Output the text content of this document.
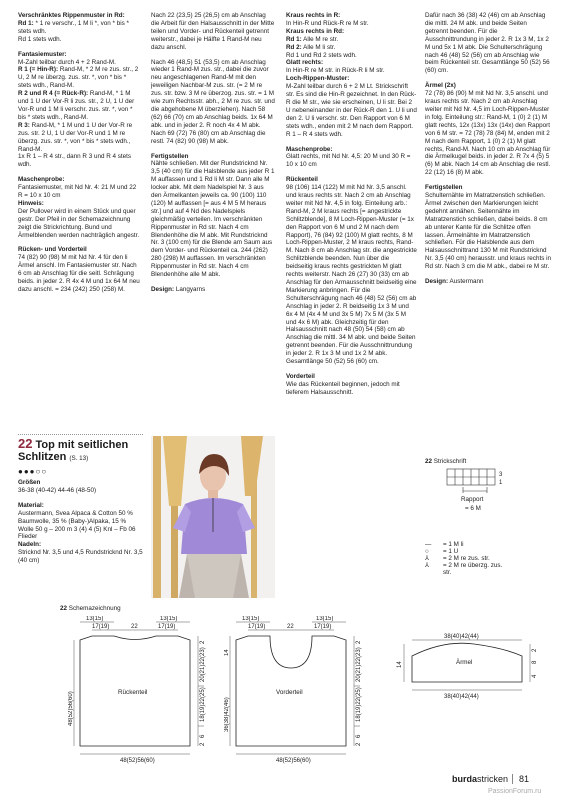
Verschränktes Rippenmuster in Rd:
Rd 1: * 1 re verschr., 1 M li *, von * bis * stets wdh.
Rd 1 stets wdh.
Fantasiemuster:
M-Zahl teilbar durch 4 + 2 Rand-M.
R 1 (= Hin-R): Rand-M, * 2 M re zus. str., 2 U, 2 M re überzg. zus. str. *, von * bis * stets wdh., Rand-M.
R 2 und R 4 (= Rück-R): Rand-M, * 1 M und 1 U der Vor-R li zus. str., 2 U, 1 U der Vor-R und 1 M li verschr. zus. str. *, von * bis * stets wdh., Rand-M.
R 3: Rand-M, * 1 M und 1 U der Vor-R re zus. str. 2 U, 1 U der Vor-R und 1 M re überzg. zus. str. *, von * bis * stets wdh., Rand-M.
1x R 1 – R 4 str., dann R 3 und R 4 stets wdh.
Maschenprobe:
Fantasiemuster, mit Nd Nr. 4: 21 M und 22 R = 10 x 10 cm
Hinweis:
Der Pullover wird in einem Stück und quer gestr. Der Pfeil in der Schemazeichnung zeigt die Strickrichtung. Bund und Ärmelblenden werden nachträglich angestr.
Rücken- und Vorderteil
74 (82) 90 (98) M mit Nd Nr. 4 für den li Ärmel anschl. Im Fantasiemuster str. Nach 6 cm ab Anschlag für die seitl. Schrägung beids. in jeder 2. R 4x 4 M und 1x 64 M neu dazu anschl. = 234 (242) 250 (258) M.
Nach 22 (23,5) 25 (26,5) cm ab Anschlag die Arbeit für den Halsausschnitt in der Mitte teilen und Vorder- und Rückenteil getrennt weiterstr., dabei je Hälfte 1 Rand-M neu dazu anschl.
Nach 46 (48,5) 51 (53,5) cm ab Anschlag wieder 1 Rand-M zus. str., dabei die zuvor neu angeschlagenen Rand-M mit den jeweiligen Nachbar-M zus. str. (= 2 M re zus. str. bzw. 3 M re überzog. zus. str. = 1 M wie zum Rechtsstr. abh., 2 M re zus. str. und die abgehobene M überziehen). Nach 58 (62) 66 (70) cm ab Anschlag beids. 1x 64 M abk. und in jeder 2. R noch 4x 4 M abk.
Nach 69 (72) 76 (80) cm ab Anschlag die restl. 74 (82) 90 (98) M abk.
Fertigstellen
Nähte schließen. Mit der Rundstricknd Nr. 3,5 (40 cm) für die Halsblende aus jeder R 1 M auffassen und 1 Rd li M str. Dann alle M locker abk. Mit dem Nadelspiel Nr. 3 aus den Ärmelkanten jeweils ca. 90 (100) 110 (120) M auffassen [= aus 4 M 5 M heraus str.] und auf 4 Nd des Nadelspiels gleichmäßig verteilen. Im verschränkten Rippenmuster in Rd str. Nach 4 cm Blendenhöhe die M abk. Mit Rundstricknd Nr. 3 (100 cm) für die Blende am Saum aus dem Vorder- und Rückenteil ca. 244 (262) 280 (298) M auffassen. Im verschränkten Rippenmuster in Rd str. Nach 4 cm Blendenhöhe alle M abk.
Design: Langyarns
Kraus rechts in R:
In Hin-R und Rück-R re M str.
Kraus rechts in Rd:
Rd 1: Alle M re str.
Rd 2: Alle M li str.
Rd 1 und Rd 2 stets wdh.
Glatt rechts:
In Hin-R re M str. in Rück-R li M str.
Loch-Rippen-Muster:
M-Zahl teilbar durch 6 + 2 M Lt. Strickschrift str. Es sind die Hin-R gezeichnet. In den Rück-R die M str., wie sie erscheinen, U li str. Bei 2 U nebeneinander in der Rück-R den 1. U li und den 2. U li verschr. str. Den Rapport von 6 M stets wdh., enden mit 2 M nach dem Rapport. R 1 – R 4 stets wdh.
Maschenprobe:
Glatt rechts, mit Nd Nr. 4,5: 20 M und 30 R = 10 x 10 cm
Rückenteil
98 (106) 114 (122) M mit Nd Nr. 3,5 anschl. und kraus rechts str. Nach 2 cm ab Anschlag weiter mit Nd Nr. 4,5 in folg. Einteilung arb.: Rand-M, 2 M kraus rechts [= angestrickte Schlitzblende], 8 M Loch-Rippen-Muster (= 1x den Rapport von 6 M und 2 M nach dem Rapport), 76 (84) 92 (100) M glatt rechts, 8 M Loch-Rippen-Muster, 2 M kraus rechts, Rand-M. Nach 8 cm ab Anschlag str. die angestrickte Schlitzblende beenden. Nun über die beidseitig kraus rechts gestrickten M glatt rechts weiterstr. Nach 26 (27) 30 (33) cm ab Anschlag für den Armausschnitt beidseitig eine Markierung anbringen. Für die Schulterschrägung nach 46 (48) 52 (56) cm ab Anschlag in jeder 2. R beidseitig 1x 3 M und 6x 4 M (4x 4 M und 3x 5 M) 7x 5 M (3x 5 M und 4x 6 M) abk. Gleichzeitig für den Halsausschnitt nach 48 (50) 54 (58) cm ab Anschlag die mittl. 34 M abk. und beide Seiten getrennt beenden. Für die Ausschnittrundung in jeder 2. R 1x 3 M und 1x 2 M abk. Gesamtlänge 50 (52) 56 (60) cm.
Vorderteil
Wie das Rückenteil beginnen, jedoch mit tieferem Halsausschnitt.
Dafür nach 36 (38) 42 (46) cm ab Anschlag die mittl. 24 M abk. und beide Seiten getrennt beenden. Für die Ausschnittrundung in jeder 2. R 1x 3 M, 1x 2 M und 5x 1 M abk. Die Schulterschrägung nach 46 (48) 52 (56) cm ab Anschlag wie beim Rückenteil str. Gesamtlänge 50 (52) 56 (60) cm.
Ärmel (2x)
72 (78) 86 (90) M mit Nd Nr. 3,5 anschl. und kraus rechts str. Nach 2 cm ab Anschlag weiter mit Nd Nr. 4,5 im Loch-Rippen-Muster in folg. Einteilung str.: Rand-M, 1 (0) 2 (1) M glatt rechts, 12x (13x) 13x (14x) den Rapport von 6 M str. = 72 (78) 78 (84) M, enden mit 2 M nach dem Rapport, 1 (0) 2 (1) M glatt rechts, Rand-M. Nach 10 cm ab Anschlag für die Ärmelkugel beids. in jeder 2. R 7x 4 (5) 5 (6) M abk. Nach 14 cm ab Anschlag die restl. 22 (12) 16 (8) M abk.
Fertigstellen
Schulternähte im Matratzenstich schließen. Ärmel zwischen den Markierungen leicht gedehnt annähen. Seitennähte im Matratzenstich schließen, dabei beids. 8 cm ab unterer Kante für die Schlitze offen lassen. Ärmelnähte im Matratzenstich schließen. Für die Halsblende aus dem Halsausschnittrand 130 M mit Rundstricknd Nr. 3,5 (40 cm) herausstr. und kraus rechts in Rd str. Nach 3 cm die M abk., dabei re M str.
Design: Austermann
22 Top mit seitlichen Schlitzen (S. 13)
●●●○○
Größen
36-38 (40-42) 44-46 (48-50)
Material:
Austermann, Svea Alpaca & Cotton 50 % Baumwolle, 35 % (Baby-)Alpaka, 15 % Wolle 50 g – 200 m 3 (4) 4 (5) Knl – Fb 06 Flieder
Nadeln:
Stricknd Nr. 3,5 und 4,5 Rundstricknd Nr. 3,5 (40 cm)
22 Strickschrift
3
1
Rapport
= 6 M
— = 1 M li
○ = 1 U
⅄ = 2 M re zus. str.
⅄	= 2 M re überzg. zus. str.
22 Schemazeichnung
13(15)	13(15)
17(19)	22	17(19)
Rückenteil
48(52)56(60)
2
20(21)22(23)
18(19)22(25)
6
2
48(52)56(60)
13(15)	13(15)
17(19)	22	17(19)
Vorderteil
14
36(38)42(46)
2
20(21)22(23)
18(19)22(25)
6
2
48(52)56(60)
38(40)42(44)
Ärmel
14
2
8
4
38(40)42(44)
burdastricken	81
PassionForum.ru
